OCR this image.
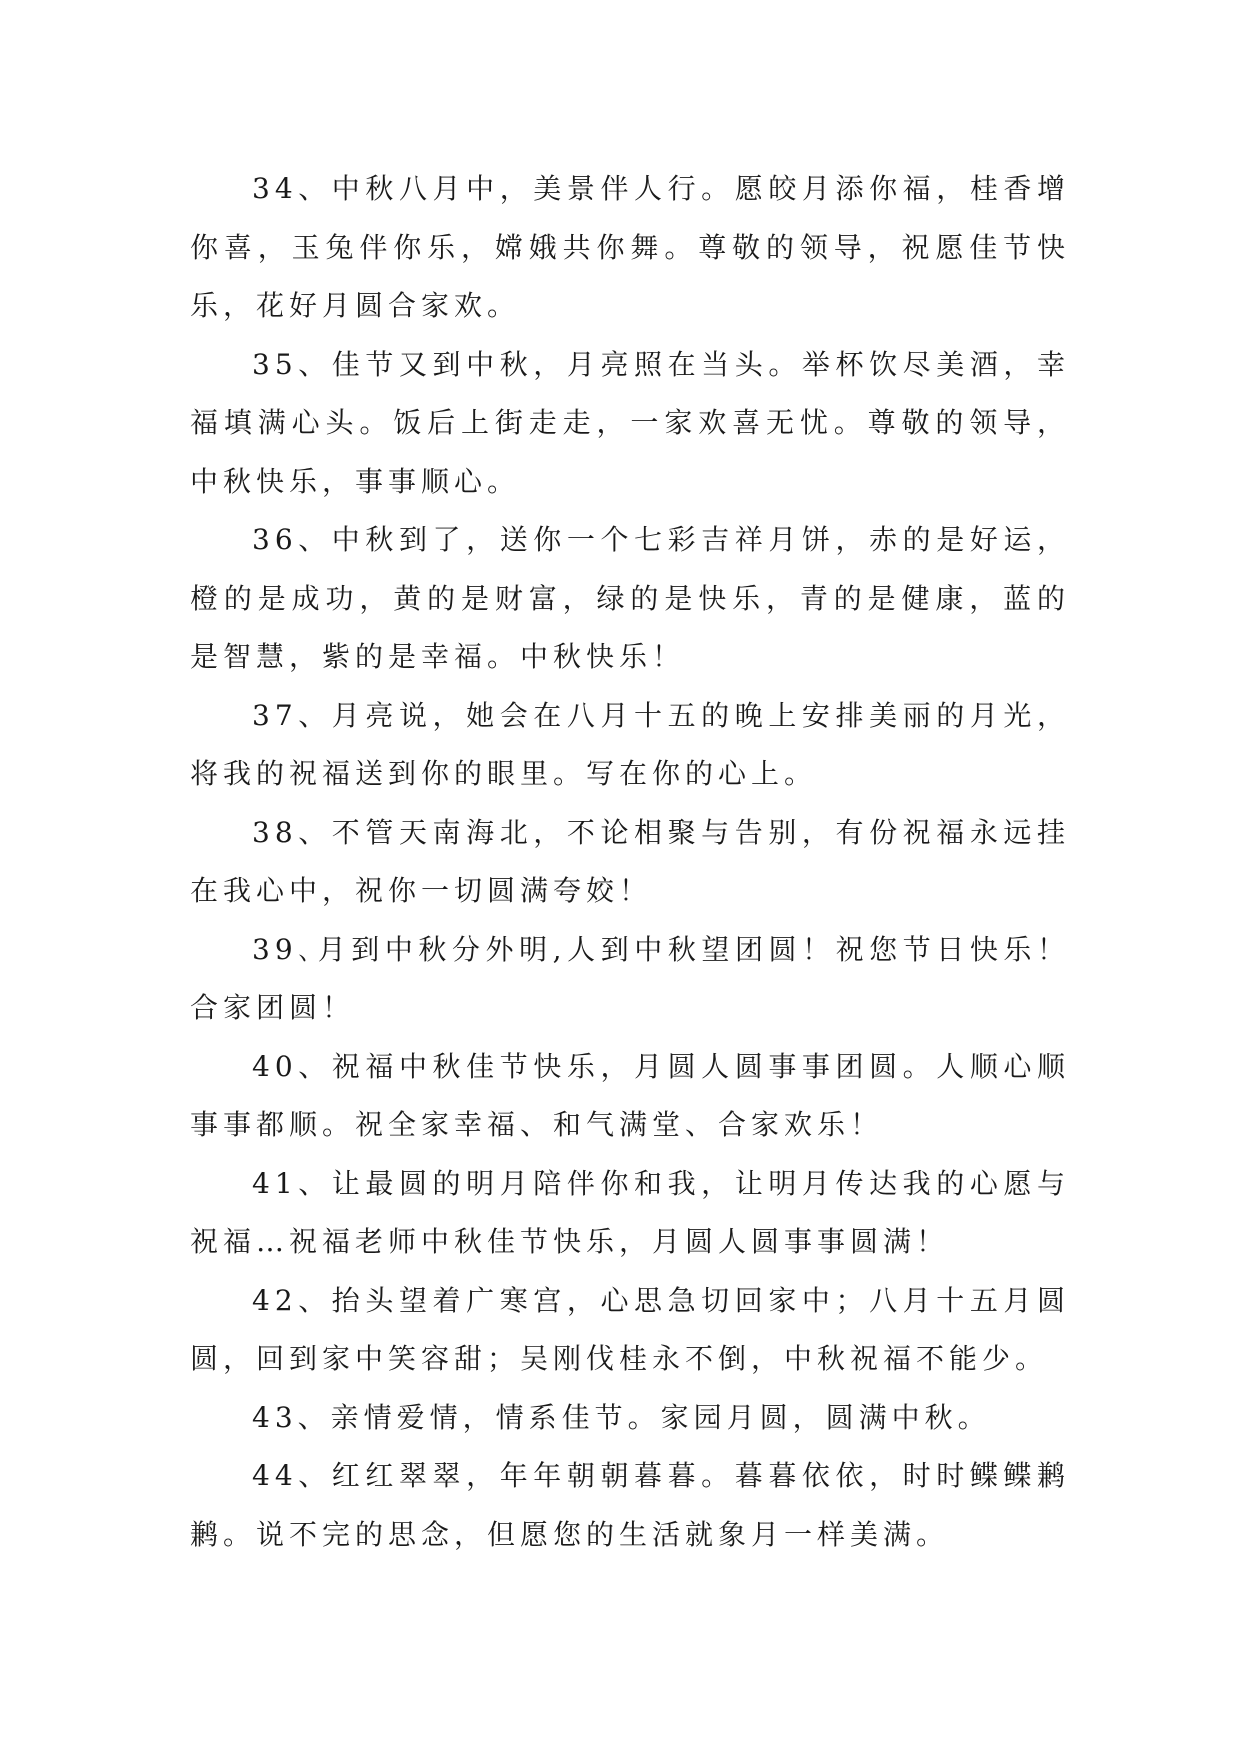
34、中秋八月中，美景伴人行。愿皎月添你福，桂香增你喜，玉兔伴你乐，嫦娥共你舞。尊敬的领导，祝愿佳节快乐，花好月圆合家欢。

35、佳节又到中秋，月亮照在当头。举杯饮尽美酒，幸福填满心头。饭后上街走走，一家欢喜无忧。尊敬的领导，中秋快乐，事事顺心。

36、中秋到了，送你一个七彩吉祥月饼，赤的是好运，橙的是成功，黄的是财富，绿的是快乐，青的是健康，蓝的是智慧，紫的是幸福。中秋快乐！

37、月亮说，她会在八月十五的晚上安排美丽的月光，将我的祝福送到你的眼里。写在你的心上。

38、不管天南海北，不论相聚与告别，有份祝福永远挂在我心中，祝你一切圆满夸姣！

39､月到中秋分外明,人到中秋望团圆！祝您节日快乐！合家团圆！

40、祝福中秋佳节快乐，月圆人圆事事团圆。人顺心顺事事都顺。祝全家幸福、和气满堂、合家欢乐！

41、让最圆的明月陪伴你和我，让明月传达我的心愿与祝福…祝福老师中秋佳节快乐，月圆人圆事事圆满！

42、抬头望着广寒宫，心思急切回家中；八月十五月圆圆，回到家中笑容甜；吴刚伐桂永不倒，中秋祝福不能少。

43、亲情爱情，情系佳节。家园月圆，圆满中秋。

44、红红翠翠，年年朝朝暮暮。暮暮依依，时时鲽鲽鹣鹣。说不完的思念，但愿您的生活就象月一样美满。
